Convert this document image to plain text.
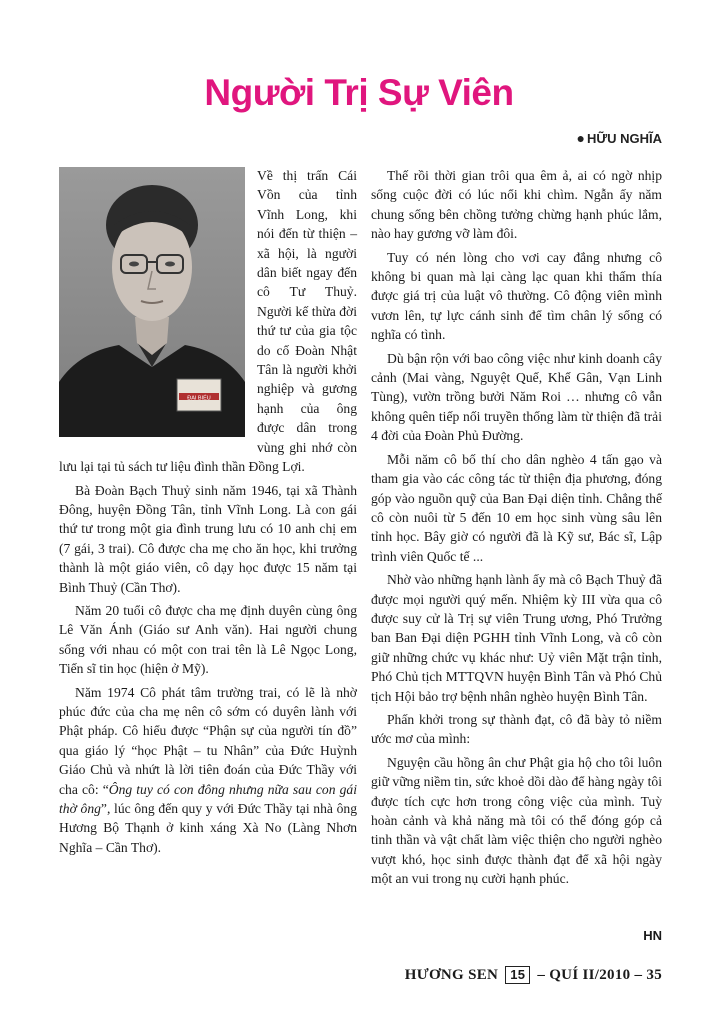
Người Trị Sự Viên
● HỮU NGHĨA
ĐẠI BIỂU

Về thị trấn Cái Vồn của tỉnh Vĩnh Long, khi nói đến từ thiện – xã hội, là người dân biết ngay đến cô Tư Thuỷ. Người kế thừa đời thứ tư của gia tộc do cố Đoàn Nhật Tân là người khởi nghiệp và gương hạnh của ông được dân trong vùng ghi nhớ còn lưu lại tại tủ sách tư liệu đình thần Đồng Lợi.

Bà Đoàn Bạch Thuỷ sinh năm 1946, tại xã Thành Đông, huyện Đồng Tân, tỉnh Vĩnh Long. Là con gái thứ tư trong một gia đình trung lưu có 10 anh chị em (7 gái, 3 trai). Cô được cha mẹ cho ăn học, khi trưởng thành là một giáo viên, cô dạy học được 15 năm tại Bình Thuỷ (Cần Thơ).

Năm 20 tuổi cô được cha mẹ định duyên cùng ông Lê Văn Ánh (Giáo sư Anh văn). Hai người chung sống với nhau có một con trai tên là Lê Ngọc Long, Tiến sĩ tin học (hiện ở Mỹ).

Năm 1974 Cô phát tâm trường trai, có lẽ là nhờ phúc đức của cha mẹ nên cô sớm có duyên lành với Phật pháp. Cô hiểu được “Phận sự của người tín đồ” qua giáo lý “học Phật – tu Nhân” của Đức Huỳnh Giáo Chủ và nhứt là lời tiên đoán của Đức Thầy với cha cô: “Ông tuy có con đông nhưng nữa sau con gái thờ ông”, lúc ông đến quy y với Đức Thầy tại nhà ông Hương Bộ Thạnh ở kinh xáng Xà No (Làng Nhơn Nghĩa – Cần Thơ).

Thế rồi thời gian trôi qua êm ả, ai có ngờ nhịp sống cuộc đời có lúc nổi khi chìm. Ngẫn ấy năm chung sống bên chồng tưởng chừng hạnh phúc lắm, nào hay gương vỡ làm đôi.

Tuy có nén lòng cho vơi cay đắng nhưng cô không bi quan mà lại càng lạc quan khi thấm thía được giá trị của luật vô thường. Cô động viên mình vươn lên, tự lực cánh sinh để tìm chân lý sống có nghĩa có tình.

Dù bận rộn với bao công việc như kinh doanh cây cảnh (Mai vàng, Nguyệt Quế, Khế Gân, Vạn Linh Tùng), vườn trồng bưởi Năm Roi … nhưng cô vẫn không quên tiếp nối truyền thống làm từ thiện đã trải 4 đời của Đoàn Phủ Đường.

Mỗi năm cô bố thí cho dân nghèo 4 tấn gạo và tham gia vào các công tác từ thiện địa phương, đóng góp vào nguồn quỹ của Ban Đại diện tỉnh. Chẳng thế cô còn nuôi từ 5 đến 10 em học sinh vùng sâu lên tỉnh học. Bây giờ có người đã là Kỹ sư, Bác sĩ, Lập trình viên Quốc tế ...

Nhờ vào những hạnh lành ấy mà cô Bạch Thuỷ đã được mọi người quý mến. Nhiệm kỳ III vừa qua cô được suy cử là Trị sự viên Trung ương, Phó Trưởng ban Ban Đại diện PGHH tỉnh Vĩnh Long, và cô còn giữ những chức vụ khác như: Uỷ viên Mặt trận tỉnh, Phó Chủ tịch MTTQVN huyện Bình Tân và Phó Chủ tịch Hội bảo trợ bệnh nhân nghèo huyện Bình Tân.

Phấn khởi trong sự thành đạt, cô đã bày tỏ niềm ước mơ của mình:

Nguyện cầu hồng ân chư Phật gia hộ cho tôi luôn giữ vững niềm tin, sức khoẻ dồi dào để hàng ngày tôi được tích cực hơn trong công việc của mình. Tuỳ hoàn cảnh và khả năng mà tôi có thể đóng góp cả tinh thần và vật chất làm việc thiện cho người nghèo vượt khó, học sinh được thành đạt để xã hội ngày một an vui trong nụ cười hạnh phúc.

HN
HƯƠNG SEN 15 – QUÍ II/2010 – 35
